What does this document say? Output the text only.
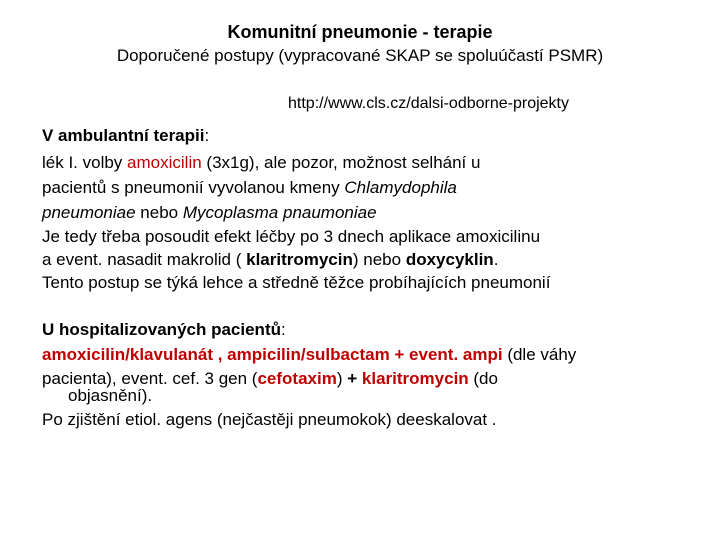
Komunitní pneumonie - terapie
Doporučené postupy (vypracované SKAP se spoluúčastí PSMR)
http://www.cls.cz/dalsi-odborne-projekty
V ambulantní terapii:
lék I. volby amoxicilin (3x1g), ale pozor, možnost selhání u
pacientů s pneumonií vyvolanou kmeny Chlamydophila
pneumoniae nebo Mycoplasma pnaumoniae
Je tedy třeba posoudit efekt léčby po 3 dnech aplikace amoxicilinu
a event. nasadit makrolid ( klaritromycin) nebo doxycyklin.
Tento postup se týká lehce a středně těžce probíhajících pneumonií
U hospitalizovaných pacientů:
amoxicilin/klavulanát , ampicilin/sulbactam + event. ampi (dle váhy
pacienta), event. cef. 3 gen (cefotaxim) + klaritromycin (do
objasnění).
Po zjištění etiol. agens (nejčastěji pneumokok) deeskalovat .
